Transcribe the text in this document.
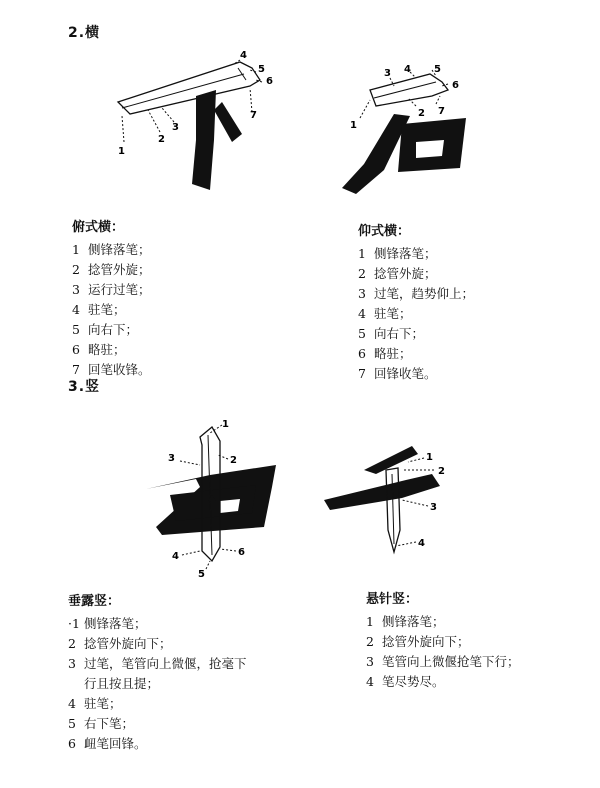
2.横
3.竖
1
2
3
4
5
6
7
1
2
3 4 5
6
7
1
2
3
4
5
6
1
2
3
4
俯式横：
1 侧锋落笔；
2 捻管外旋；
3 运行过笔；
4 驻笔；
5 向右下；
6 略驻；
7 回笔收锋。
仰式横：
1 侧锋落笔；
2 捻管外旋；
3 过笔，趋势仰上；
4 驻笔；
5 向右下；
6 略驻；
7 回锋收笔。
垂露竖：
·1 侧锋落笔；
2 捻管外旋向下；
3 过笔，笔管向上微偃，抢毫下
行且按且提；
4 驻笔；
5 右下笔；
6 衄笔回锋。
悬针竖：
1 侧锋落笔；
2 捻管外旋向下；
3 笔管向上微偃抢笔下行；
4 笔尽势尽。
